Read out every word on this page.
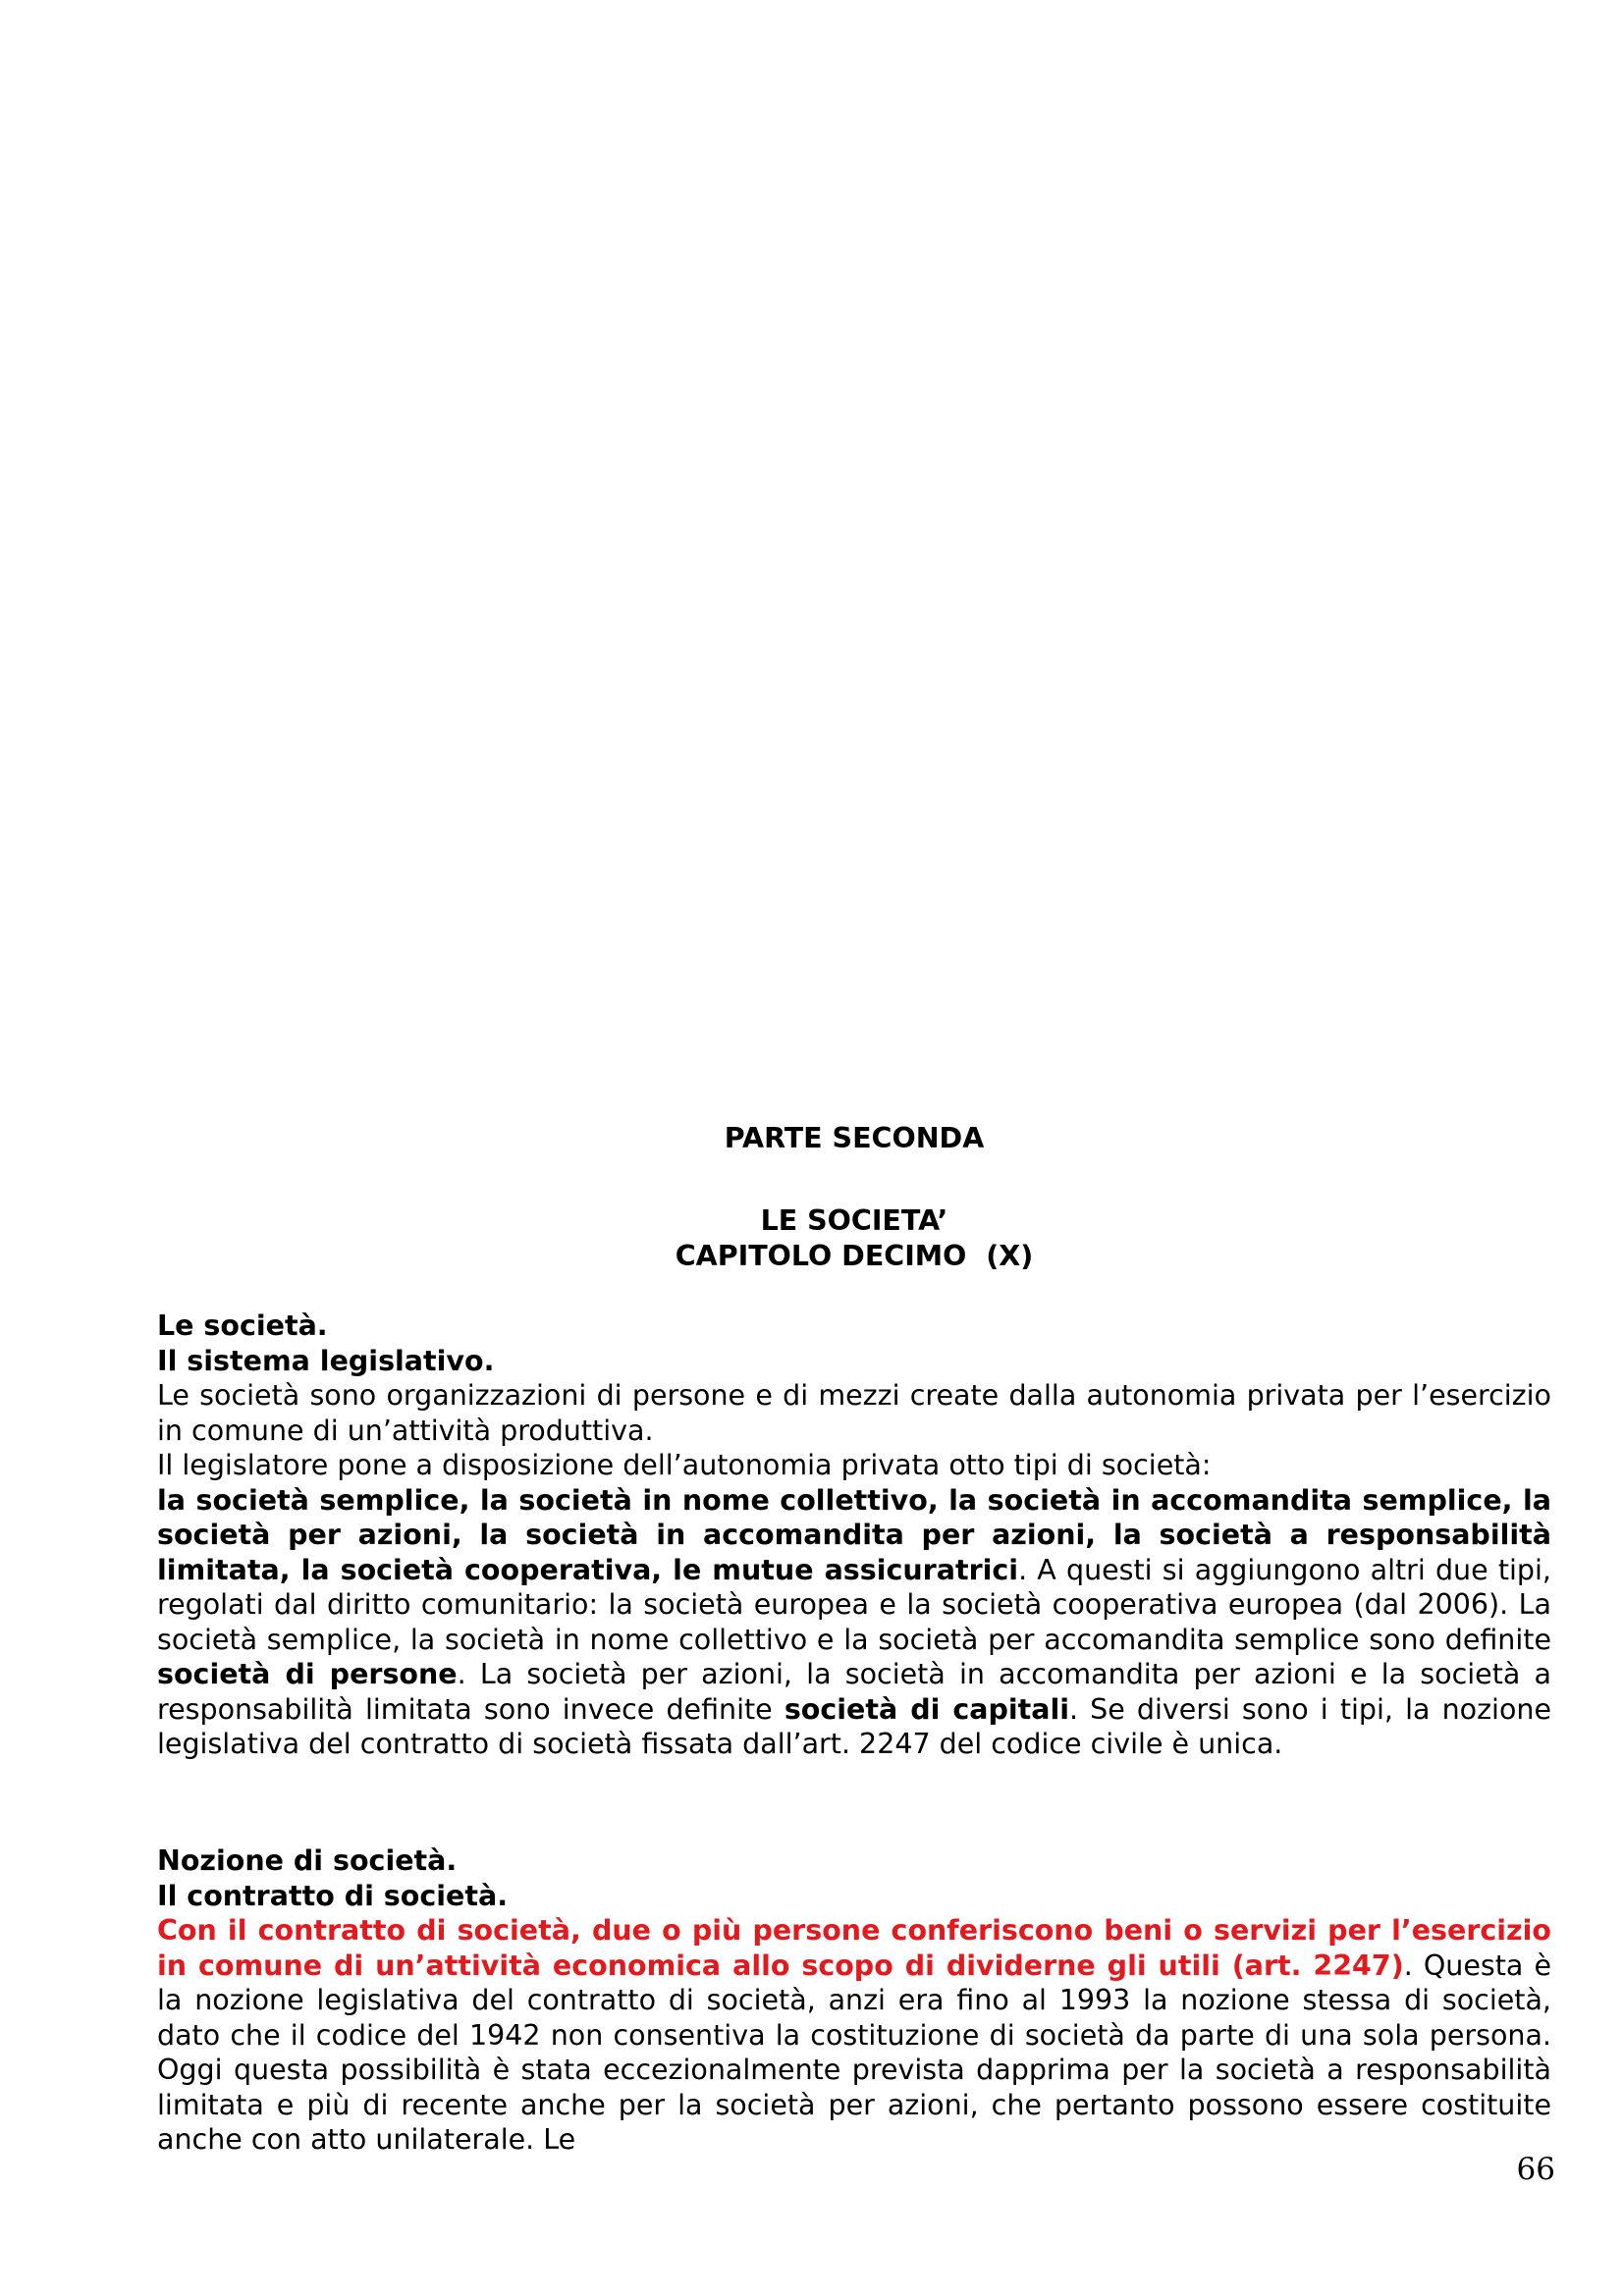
PARTE SECONDA
LE SOCIETA’
CAPITOLO DECIMO  (X)

Le società.

Il sistema legislativo.

Le società sono organizzazioni di persone e di mezzi create dalla autonomia privata per l’esercizio in comune di un’attività produttiva.

Il legislatore pone a disposizione dell’autonomia privata otto tipi di società:

la società semplice, la società in nome collettivo, la società in accomandita semplice, la società per azioni, la società in accomandita per azioni, la società a responsabilità limitata, la società cooperativa, le mutue assicuratrici. A questi si aggiungono altri due tipi, regolati dal diritto comunitario: la società europea e la società cooperativa europea (dal 2006). La società semplice, la società in nome collettivo e la società per accomandita semplice sono definite società di persone. La società per azioni, la società in accomandita per azioni e la società a responsabilità limitata sono invece definite società di capitali. Se diversi sono i tipi, la nozione legislativa del contratto di società fissata dall’art. 2247 del codice civile è unica.

Nozione di società.

Il contratto di società.

Con il contratto di società, due o più persone conferiscono beni o servizi per l’esercizio in comune di un’attività economica allo scopo di dividerne gli utili (art. 2247). Questa è la nozione legislativa del contratto di società, anzi era fino al 1993 la nozione stessa di società, dato che il codice del 1942 non consentiva la costituzione di società da parte di una sola persona. Oggi questa possibilità è stata eccezionalmente prevista dapprima per la società a responsabilità limitata e più di recente anche per la società per azioni, che pertanto possono essere costituite anche con atto unilaterale. Le

66
